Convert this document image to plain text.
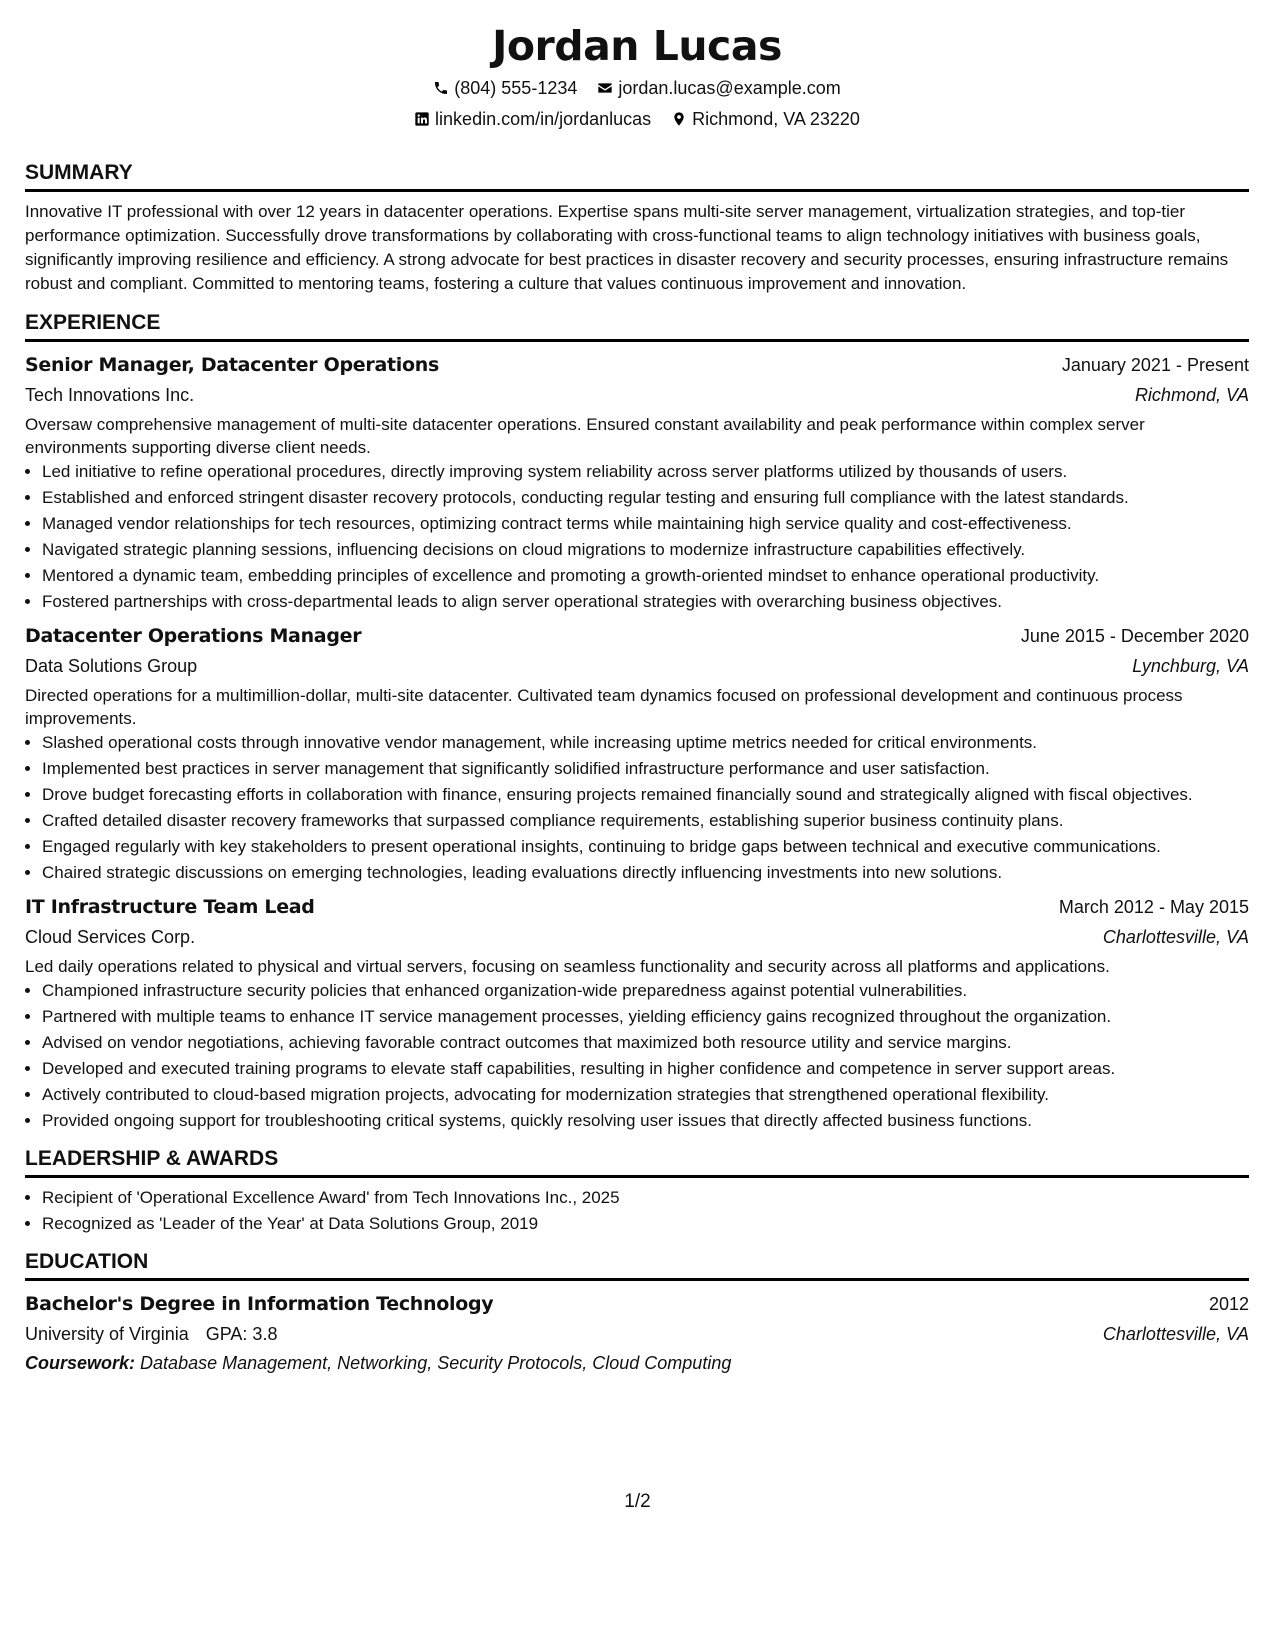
Jordan Lucas
(804) 555-1234 jordan.lucas@example.com
linkedin.com/in/jordanlucas Richmond, VA 23220
SUMMARY

Innovative IT professional with over 12 years in datacenter operations. Expertise spans multi-site server management, virtualization strategies, and top-tier performance optimization. Successfully drove transformations by collaborating with cross-functional teams to align technology initiatives with business goals, significantly improving resilience and efficiency. A strong advocate for best practices in disaster recovery and security processes, ensuring infrastructure remains robust and compliant. Committed to mentoring teams, fostering a culture that values continuous improvement and innovation.

EXPERIENCE
Senior Manager, Datacenter Operations	January 2021 - Present
Tech Innovations Inc.	Richmond, VA

Oversaw comprehensive management of multi-site datacenter operations. Ensured constant availability and peak performance within complex server environments supporting diverse client needs.

• Led initiative to refine operational procedures, directly improving system reliability across server platforms utilized by thousands of users.
• Established and enforced stringent disaster recovery protocols, conducting regular testing and ensuring full compliance with the latest standards.
• Managed vendor relationships for tech resources, optimizing contract terms while maintaining high service quality and cost-effectiveness.
• Navigated strategic planning sessions, influencing decisions on cloud migrations to modernize infrastructure capabilities effectively.
• Mentored a dynamic team, embedding principles of excellence and promoting a growth-oriented mindset to enhance operational productivity.
• Fostered partnerships with cross-departmental leads to align server operational strategies with overarching business objectives.
Datacenter Operations Manager	June 2015 - December 2020
Data Solutions Group	Lynchburg, VA

Directed operations for a multimillion-dollar, multi-site datacenter. Cultivated team dynamics focused on professional development and continuous process improvements.

• Slashed operational costs through innovative vendor management, while increasing uptime metrics needed for critical environments.
• Implemented best practices in server management that significantly solidified infrastructure performance and user satisfaction.
• Drove budget forecasting efforts in collaboration with finance, ensuring projects remained financially sound and strategically aligned with fiscal objectives.
• Crafted detailed disaster recovery frameworks that surpassed compliance requirements, establishing superior business continuity plans.
• Engaged regularly with key stakeholders to present operational insights, continuing to bridge gaps between technical and executive communications.
• Chaired strategic discussions on emerging technologies, leading evaluations directly influencing investments into new solutions.
IT Infrastructure Team Lead	March 2012 - May 2015
Cloud Services Corp.	Charlottesville, VA

Led daily operations related to physical and virtual servers, focusing on seamless functionality and security across all platforms and applications.

• Championed infrastructure security policies that enhanced organization-wide preparedness against potential vulnerabilities.
• Partnered with multiple teams to enhance IT service management processes, yielding efficiency gains recognized throughout the organization.
• Advised on vendor negotiations, achieving favorable contract outcomes that maximized both resource utility and service margins.
• Developed and executed training programs to elevate staff capabilities, resulting in higher confidence and competence in server support areas.
• Actively contributed to cloud-based migration projects, advocating for modernization strategies that strengthened operational flexibility.
• Provided ongoing support for troubleshooting critical systems, quickly resolving user issues that directly affected business functions.
LEADERSHIP & AWARDS
• Recipient of 'Operational Excellence Award' from Tech Innovations Inc., 2025
• Recognized as 'Leader of the Year' at Data Solutions Group, 2019
EDUCATION
Bachelor's Degree in Information Technology	2012
University of Virginia GPA: 3.8	Charlottesville, VA
Coursework: Database Management, Networking, Security Protocols, Cloud Computing
1/2
